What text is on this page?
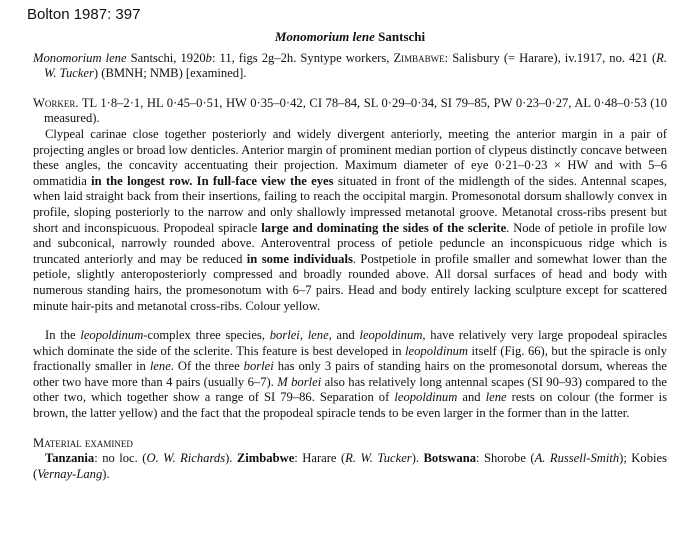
Bolton 1987: 397
Monomorium lene Santschi

Monomorium lene Santschi, 1920b: 11, figs 2g–2h. Syntype workers, Zimbabwe: Salisbury (= Harare), iv.1917, no. 421 (R. W. Tucker) (BMNH; NMB) [examined].

Worker. TL 1·8–2·1, HL 0·45–0·51, HW 0·35–0·42, CI 78–84, SL 0·29–0·34, SI 79–85, PW 0·23–0·27, AL 0·48–0·53 (10 measured).

Clypeal carinae close together posteriorly and widely divergent anteriorly, meeting the anterior margin in a pair of projecting angles or broad low denticles. Anterior margin of prominent median portion of clypeus distinctly concave between these angles, the concavity accentuating their projection. Maximum diameter of eye 0·21–0·23 × HW and with 5–6 ommatidia in the longest row. In full-face view the eyes situated in front of the midlength of the sides. Antennal scapes, when laid straight back from their insertions, failing to reach the occipital margin. Promesonotal dorsum shallowly convex in profile, sloping posteriorly to the narrow and only shallowly impressed metanotal groove. Metanotal cross-ribs present but short and inconspicuous. Propodeal spiracle large and dominating the sides of the sclerite. Node of petiole in profile low and subconical, narrowly rounded above. Anteroventral process of petiole peduncle an inconspicuous ridge which is truncated anteriorly and may be reduced in some individuals. Postpetiole in profile smaller and somewhat lower than the petiole, slightly anteroposteriorly compressed and broadly rounded above. All dorsal surfaces of head and body with numerous standing hairs, the promesonotum with 6–7 pairs. Head and body entirely lacking sculpture except for scattered minute hair-pits and metanotal cross-ribs. Colour yellow.

In the leopoldinum-complex three species, borlei, lene, and leopoldinum, have relatively very large propodeal spiracles which dominate the side of the sclerite. This feature is best developed in leopoldinum itself (Fig. 66), but the spiracle is only fractionally smaller in lene. Of the three borlei has only 3 pairs of standing hairs on the promesonotal dorsum, whereas the other two have more than 4 pairs (usually 6–7). M borlei also has relatively long antennal scapes (SI 90–93) compared to the other two, which together show a range of SI 79–86. Separation of leopoldinum and lene rests on colour (the former is brown, the latter yellow) and the fact that the propodeal spiracle tends to be even larger in the former than in the latter.

Material examined

Tanzania: no loc. (O. W. Richards). Zimbabwe: Harare (R. W. Tucker). Botswana: Shorobe (A. Russell-Smith); Kobies (Vernay-Lang).
